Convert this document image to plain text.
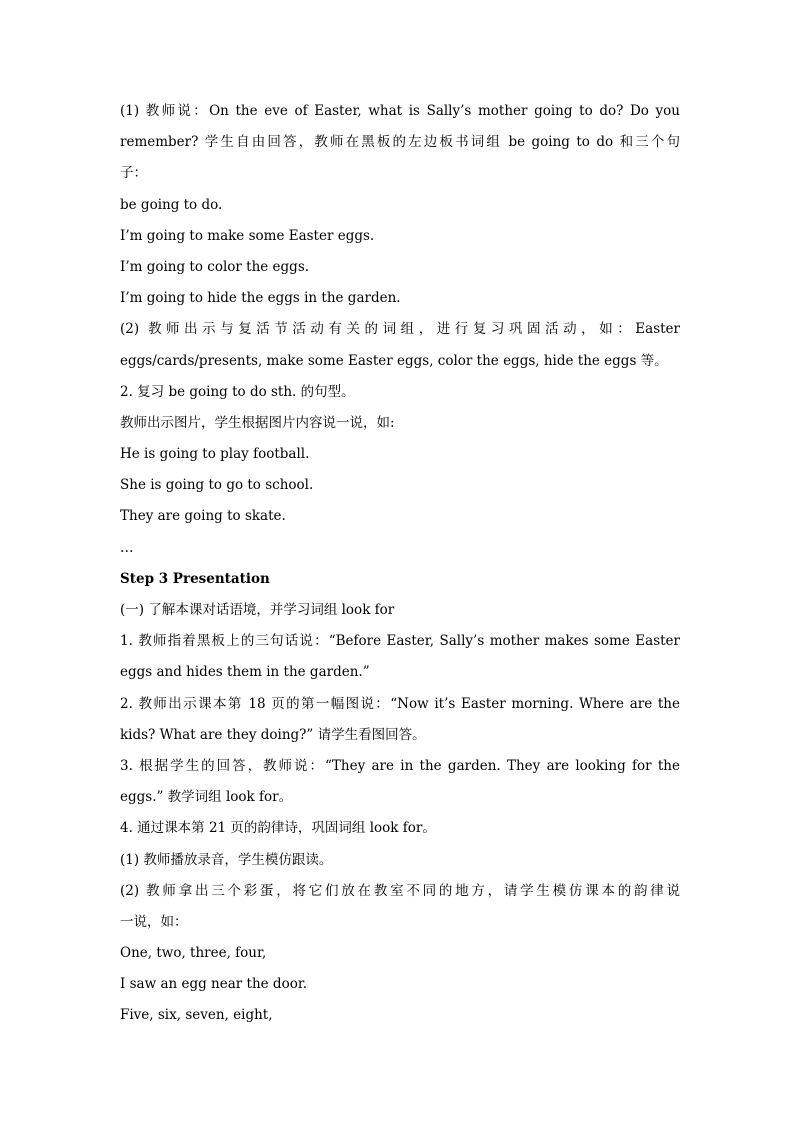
(1) 教师说：On the eve of Easter, what is Sally’s mother going to do? Do you
remember? 学生自由回答，教师在黑板的左边板书词组 be going to do 和三个句
子：
be going to do.
I’m going to make some Easter eggs.
I’m going to color the eggs.
I’m going to hide the eggs in the garden.
(2) 教师出示与复活节活动有关的词组，进行复习巩固活动，如：Easter
eggs/cards/presents, make some Easter eggs, color the eggs, hide the eggs 等。
2. 复习 be going to do sth. 的句型。
教师出示图片，学生根据图片内容说一说，如:
He is going to play football.
She is going to go to school.
They are going to skate.
…
Step 3 Presentation
(一) 了解本课对话语境，并学习词组 look for
1. 教师指着黑板上的三句话说：“Before Easter, Sally’s mother makes some Easter
eggs and hides them in the garden.”
2. 教师出示课本第 18 页的第一幅图说：“Now it’s Easter morning. Where are the
kids? What are they doing?” 请学生看图回答。
3. 根据学生的回答，教师说：“They are in the garden. They are looking for the
eggs.” 教学词组 look for。
4. 通过课本第 21 页的韵律诗，巩固词组 look for。
(1) 教师播放录音，学生模仿跟读。
(2) 教师拿出三个彩蛋，将它们放在教室不同的地方，请学生模仿课本的韵律说
一说，如：
One, two, three, four,
I saw an egg near the door.
Five, six, seven, eight,
